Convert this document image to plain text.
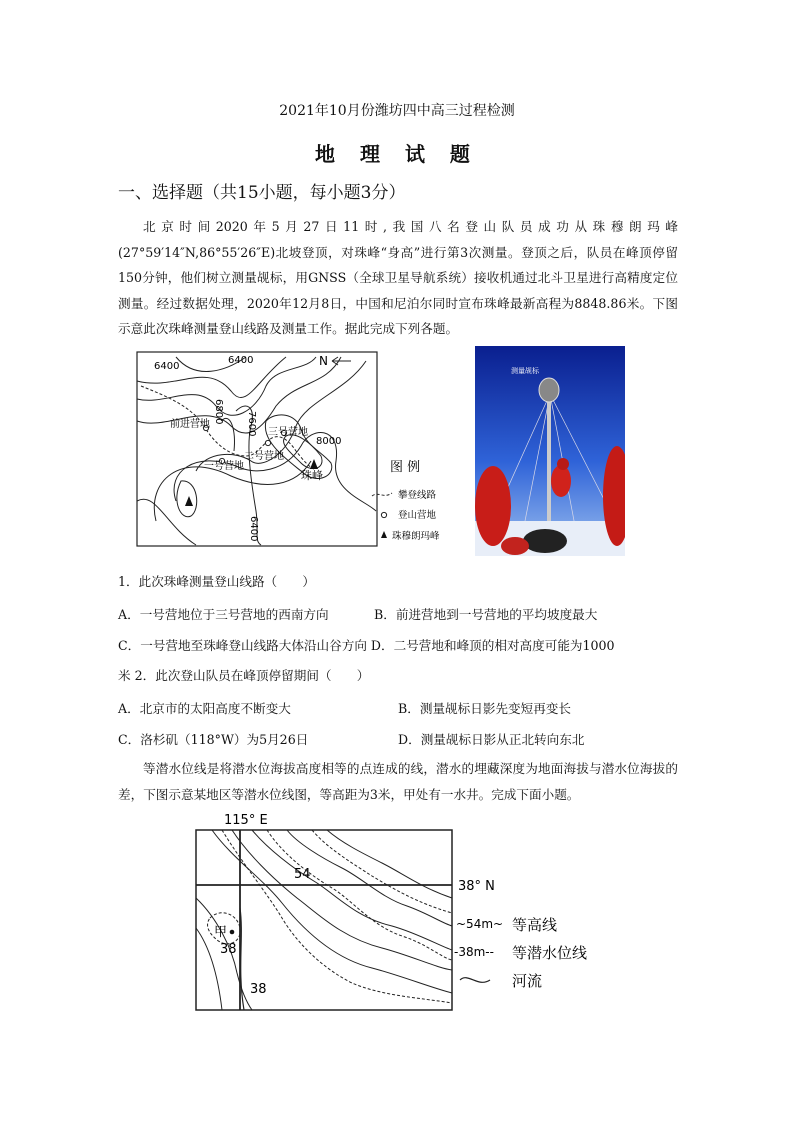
2021年10月份潍坊四中高三过程检测
地 理 试 题
一、选择题（共15小题，每小题3分）
北京时间2020年5月27日11时,我国八名登山队员成功从珠穆朗玛峰(27°59′14″N,86°55′26″E)北坡登顶，对珠峰“身高”进行第3次测量。登顶之后，队员在峰顶停留150分钟，他们树立测量觇标，用GNSS（全球卫星导航系统）接收机通过北斗卫星进行高精度定位测量。经过数据处理，2020年12月8日，中国和尼泊尔同时宣布珠峰最新高程为8848.86米。下图示意此次珠峰测量登山线路及测量工作。据此完成下列各题。
6400
6400
6800 7600
8000
6400
前进营地
一号营地
二号营地
三号营地
珠峰
N
图 例
攀登线路
登山营地
珠穆朗玛峰
测量觇标
1．此次珠峰测量登山线路（　　）
A．一号营地位于三号营地的西南方向	B．前进营地到一号营地的平均坡度最大
C．一号营地至珠峰登山线路大体沿山谷方向 D．二号营地和峰顶的相对高度可能为1000
米 2．此次登山队员在峰顶停留期间（　　）
A．北京市的太阳高度不断变大	B．测量觇标日影先变短再变长
C．洛杉矶（118°W）为5月26日	D．测量觇标日影从正北转向东北
等潜水位线是将潜水位海拔高度相等的点连成的线，潜水的埋藏深度为地面海拔与潜水位海拔的差，下图示意某地区等潜水位线图，等高距为3米，甲处有一水井。完成下面小题。
115° E
38° N
54
38
38
甲
~54m~ 等高线
-38m-- 等潜水位线
河流
